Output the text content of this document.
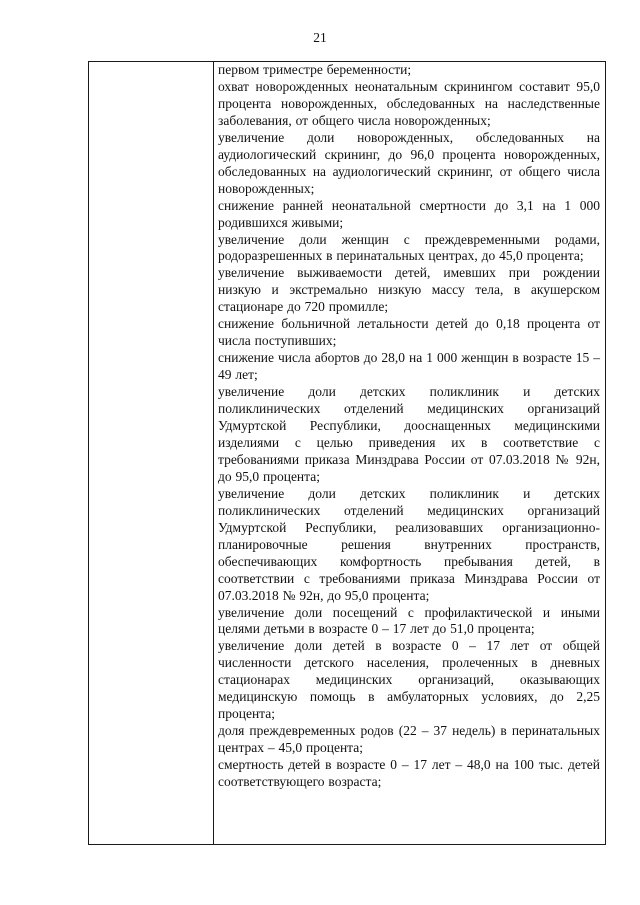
21

первом триместре беременности;

охват новорожденных неонатальным скринингом составит 95,0 процента новорожденных, обследованных на наследственные заболевания, от общего числа новорожденных;

увеличение доли новорожденных, обследованных на аудиологический скрининг, до 96,0 процента новорожденных, обследованных на аудиологический скрининг, от общего числа новорожденных;

снижение ранней неонатальной смертности до 3,1 на 1 000 родившихся живыми;

увеличение доли женщин с преждевременными родами, родоразрешенных в перинатальных центрах, до 45,0 процента;

увеличение выживаемости детей, имевших при рождении низкую и экстремально низкую массу тела, в акушерском стационаре до 720 промилле;

снижение больничной летальности детей до 0,18 процента от числа поступивших;

снижение числа абортов до 28,0 на 1 000 женщин в возрасте 15 – 49 лет;

увеличение доли детских поликлиник и детских поликлинических отделений медицинских организаций Удмуртской Республики, дооснащенных медицинскими изделиями с целью приведения их в соответствие с требованиями приказа Минздрава России от 07.03.2018 № 92н, до 95,0 процента;

увеличение доли детских поликлиник и детских поликлинических отделений медицинских организаций Удмуртской Республики, реализовавших организационно-планировочные решения внутренних пространств, обеспечивающих комфортность пребывания детей, в соответствии с требованиями приказа Минздрава России от 07.03.2018 № 92н, до 95,0 процента;

увеличение доли посещений с профилактической и иными целями детьми в возрасте 0 – 17 лет до 51,0 процента;

увеличение доли детей в возрасте 0 – 17 лет от общей численности детского населения, пролеченных в дневных стационарах медицинских организаций, оказывающих медицинскую помощь в амбулаторных условиях, до 2,25 процента;

доля преждевременных родов (22 – 37 недель) в перинатальных центрах – 45,0 процента;

смертность детей в возрасте 0 – 17 лет – 48,0 на 100 тыс. детей соответствующего возраста;
